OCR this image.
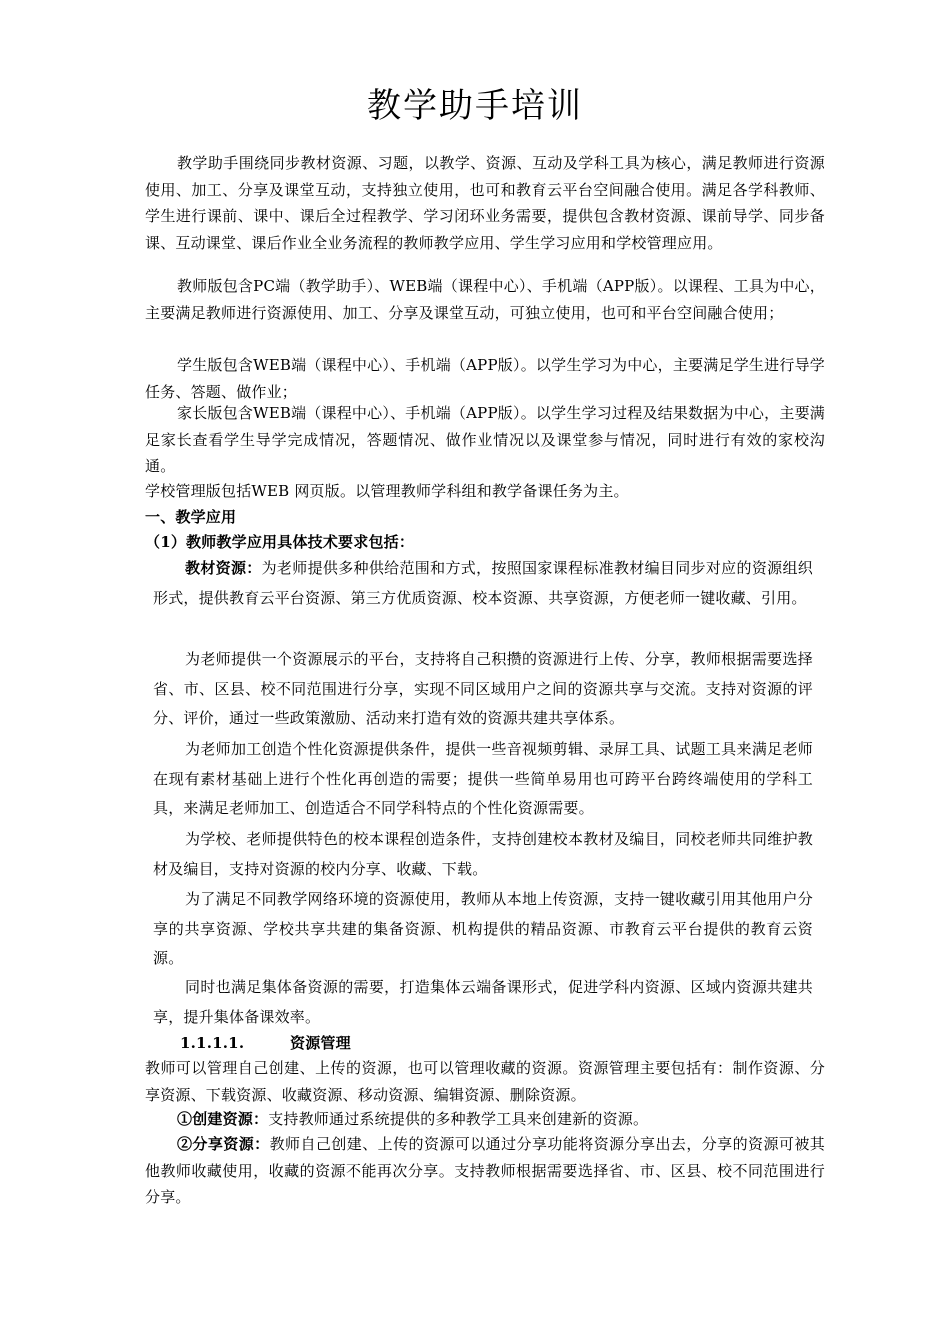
教学助手培训

教学助手围绕同步教材资源、习题，以教学、资源、互动及学科工具为核心，满足教师进行资源使用、加工、分享及课堂互动，支持独立使用，也可和教育云平台空间融合使用。满足各学科教师、学生进行课前、课中、课后全过程教学、学习闭环业务需要，提供包含教材资源、课前导学、同步备课、互动课堂、课后作业全业务流程的教师教学应用、学生学习应用和学校管理应用。

教师版包含PC端（教学助手）、WEB端（课程中心）、手机端（APP版）。以课程、工具为中心，主要满足教师进行资源使用、加工、分享及课堂互动，可独立使用，也可和平台空间融合使用；

学生版包含WEB端（课程中心）、手机端（APP版）。以学生学习为中心，主要满足学生进行导学任务、答题、做作业；

家长版包含WEB端（课程中心）、手机端（APP版）。以学生学习过程及结果数据为中心，主要满足家长查看学生导学完成情况，答题情况、做作业情况以及课堂参与情况，同时进行有效的家校沟通。

学校管理版包括WEB 网页版。以管理教师学科组和教学备课任务为主。

一、教学应用

（1）教师教学应用具体技术要求包括：

教材资源：为老师提供多种供给范围和方式，按照国家课程标准教材编目同步对应的资源组织形式，提供教育云平台资源、第三方优质资源、校本资源、共享资源，方便老师一键收藏、引用。

为老师提供一个资源展示的平台，支持将自己积攒的资源进行上传、分享，教师根据需要选择省、市、区县、校不同范围进行分享，实现不同区域用户之间的资源共享与交流。支持对资源的评分、评价，通过一些政策激励、活动来打造有效的资源共建共享体系。

为老师加工创造个性化资源提供条件，提供一些音视频剪辑、录屏工具、试题工具来满足老师在现有素材基础上进行个性化再创造的需要；提供一些简单易用也可跨平台跨终端使用的学科工具，来满足老师加工、创造适合不同学科特点的个性化资源需要。

为学校、老师提供特色的校本课程创造条件，支持创建校本教材及编目，同校老师共同维护教材及编目，支持对资源的校内分享、收藏、下载。

为了满足不同教学网络环境的资源使用，教师从本地上传资源，支持一键收藏引用其他用户分享的共享资源、学校共享共建的集备资源、机构提供的精品资源、市教育云平台提供的教育云资源。

同时也满足集体备资源的需要，打造集体云端备课形式，促进学科内资源、区域内资源共建共享，提升集体备课效率。

1.1.1.1.	资源管理

教师可以管理自己创建、上传的资源，也可以管理收藏的资源。资源管理主要包括有：制作资源、分享资源、下载资源、收藏资源、移动资源、编辑资源、删除资源。

①创建资源：支持教师通过系统提供的多种教学工具来创建新的资源。

②分享资源：教师自己创建、上传的资源可以通过分享功能将资源分享出去，分享的资源可被其他教师收藏使用，收藏的资源不能再次分享。支持教师根据需要选择省、市、区县、校不同范围进行分享。
